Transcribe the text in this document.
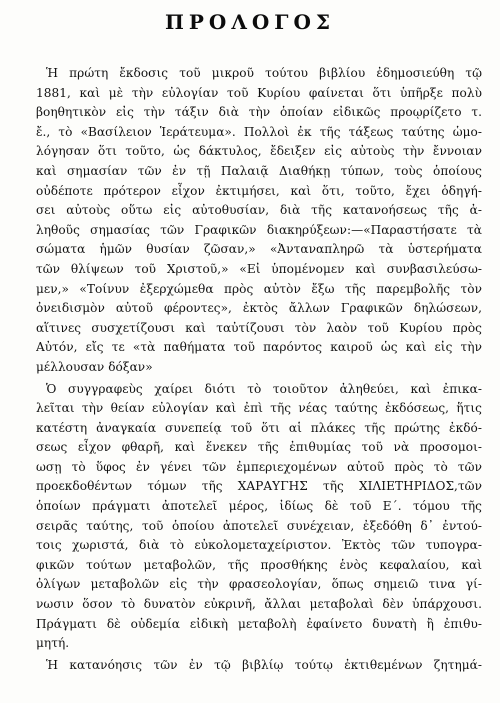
ΠΡΟΛΟΓΟΣ
Ἡ πρώτη ἔκδοσις τοῦ μικροῦ τούτου βιβλίου ἐδημοσιεύθη τῷ
1881, καὶ μὲ τὴν εὐλογίαν τοῦ Κυρίου φαίνεται ὅτι ὑπῆρξε πολὺ
βοηθητικὸν εἰς τὴν τάξιν διὰ τὴν ὁποίαν εἰδικῶς προῳρίζετο τ.
ἔ., τὸ «Βασίλειον Ἱεράτευμα». Πολλοὶ ἐκ τῆς τάξεως ταύτης ὡμο-
λόγησαν ὅτι τοῦτο, ὡς δάκτυλος, ἔδειξεν εἰς αὐτοὺς τὴν ἔννοιαν
καὶ σημασίαν τῶν ἐν τῇ Παλαιᾷ Διαθήκῃ τύπων, τοὺς ὁποίους
οὐδέποτε πρότερον εἶχον ἐκτιμήσει, καὶ ὅτι, τοῦτο, ἔχει ὁδηγή-
σει αὐτοὺς οὕτω εἰς αὐτοθυσίαν, διὰ τῆς κατανοήσεως τῆς ἀ-
ληθοῦς σημασίας τῶν Γραφικῶν διακηρύξεων:—«Παραστήσατε τὰ
σώματα ἡμῶν θυσίαν ζῶσαν,» «Ἀνταναπληρῶ τὰ ὑστερήματα
τῶν θλίψεων τοῦ Χριστοῦ,» «Εἰ ὑπομένομεν καὶ συνβασιλεύσω-
μεν,» «Τοίνυν ἐξερχώμεθα πρὸς αὐτὸν ἔξω τῆς παρεμβολῆς τὸν
ὀνειδισμὸν αὐτοῦ φέροντες», ἐκτὸς ἄλλων Γραφικῶν δηλώσεων,
αἵτινες συσχετίζουσι καὶ ταὐτίζουσι τὸν λαὸν τοῦ Κυρίου πρὸς
Αὐτόν, εἴς τε «τὰ παθήματα τοῦ παρόντος καιροῦ ὡς καὶ εἰς τὴν
μέλλουσαν δόξαν»
Ὁ συγγραφεὺς χαίρει διότι τὸ τοιοῦτον ἀληθεύει, καὶ ἐπικα-
λεῖται τὴν θείαν εὐλογίαν καὶ ἐπὶ τῆς νέας ταύτης ἐκδόσεως, ἥτις
κατέστη ἀναγκαία συνεπείᾳ τοῦ ὅτι αἱ πλάκες τῆς πρώτης ἐκδό-
σεως εἶχον φθαρῆ, καὶ ἕνεκεν τῆς ἐπιθυμίας τοῦ νὰ προσομοι-
ωσῃ τὸ ὕφος ἐν γένει τῶν ἐμπεριεχομένων αὐτοῦ πρὸς τὸ τῶν
προεκδοθέντων τόμων τῆς ΧΑΡΑΥΓΗΣ τῆς ΧΙΛΙΕΤΗΡΙΔΟΣ,τῶν
ὁποίων πράγματι ἀποτελεῖ μέρος, ἰδίως δὲ τοῦ Ε΄. τόμου τῆς
σειρᾶς ταύτης, τοῦ ὁποίου ἀποτελεῖ συνέχειαν, ἐξεδόθη δ᾽ ἐντού-
τοις χωριστά, διὰ τὸ εὐκολομεταχείριστον. Ἐκτὸς τῶν τυπογρα-
φικῶν τούτων μεταβολῶν, τῆς προσθήκης ἑνὸς κεφαλαίου, καὶ
ὀλίγων μεταβολῶν εἰς τὴν φρασεολογίαν, ὅπως σημειῶ τινα γί-
νωσιν ὅσον τὸ δυνατὸν εὐκρινῆ, ἄλλαι μεταβολαὶ δὲν ὑπάρχουσι.
Πράγματι δὲ οὐδεμία εἰδικὴ μεταβολὴ ἐφαίνετο δυνατὴ ἢ ἐπιθυ-
μητή.
Ἡ κατανόησις τῶν ἐν τῷ βιβλίῳ τούτῳ ἐκτιθεμένων ζητημά-
